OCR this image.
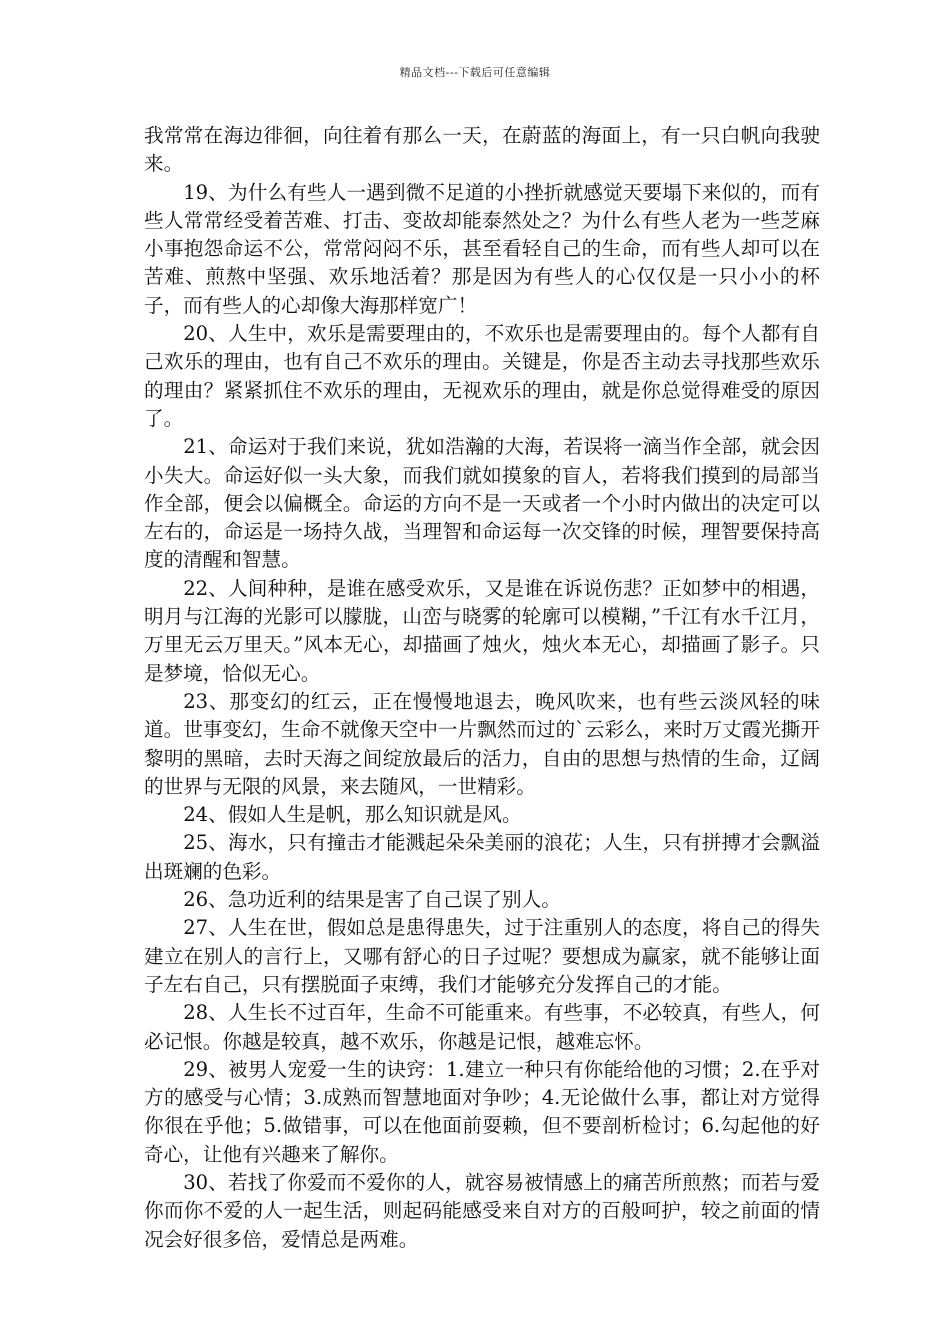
精品文档---下载后可任意编辑

我常常在海边徘徊，向往着有那么一天，在蔚蓝的海面上，有一只白帆向我驶来。

19、为什么有些人一遇到微不足道的小挫折就感觉天要塌下来似的，而有些人常常经受着苦难、打击、变故却能泰然处之？为什么有些人老为一些芝麻小事抱怨命运不公，常常闷闷不乐，甚至看轻自己的生命，而有些人却可以在苦难、煎熬中坚强、欢乐地活着？那是因为有些人的心仅仅是一只小小的杯子，而有些人的心却像大海那样宽广！

20、人生中，欢乐是需要理由的，不欢乐也是需要理由的。每个人都有自己欢乐的理由，也有自己不欢乐的理由。关键是，你是否主动去寻找那些欢乐的理由？紧紧抓住不欢乐的理由，无视欢乐的理由，就是你总觉得难受的原因了。

21、命运对于我们来说，犹如浩瀚的大海，若误将一滴当作全部，就会因小失大。命运好似一头大象，而我们就如摸象的盲人，若将我们摸到的局部当作全部，便会以偏概全。命运的方向不是一天或者一个小时内做出的决定可以左右的，命运是一场持久战，当理智和命运每一次交锋的时候，理智要保持高度的清醒和智慧。

22、人间种种，是谁在感受欢乐，又是谁在诉说伤悲？正如梦中的相遇，明月与江海的光影可以朦胧，山峦与晓雾的轮廓可以模糊，”千江有水千江月，万里无云万里天。”风本无心，却描画了烛火，烛火本无心，却描画了影子。只是梦境，恰似无心。

23、那变幻的红云，正在慢慢地退去，晚风吹来，也有些云淡风轻的味道。世事变幻，生命不就像天空中一片飘然而过的`云彩么，来时万丈霞光撕开黎明的黑暗，去时天海之间绽放最后的活力，自由的思想与热情的生命，辽阔的世界与无限的风景，来去随风，一世精彩。

24、假如人生是帆，那么知识就是风。

25、海水，只有撞击才能溅起朵朵美丽的浪花；人生，只有拼搏才会飘溢出斑斓的色彩。

26、急功近利的结果是害了自己误了别人。

27、人生在世，假如总是患得患失，过于注重别人的态度，将自己的得失建立在别人的言行上，又哪有舒心的日子过呢？要想成为赢家，就不能够让面子左右自己，只有摆脱面子束缚，我们才能够充分发挥自己的才能。

28、人生长不过百年，生命不可能重来。有些事，不必较真，有些人，何必记恨。你越是较真，越不欢乐，你越是记恨，越难忘怀。

29、被男人宠爱一生的诀窍：1.建立一种只有你能给他的习惯；2.在乎对方的感受与心情；3.成熟而智慧地面对争吵；4.无论做什么事，都让对方觉得你很在乎他；5.做错事，可以在他面前耍赖，但不要剖析检讨；6.勾起他的好奇心，让他有兴趣来了解你。

30、若找了你爱而不爱你的人，就容易被情感上的痛苦所煎熬；而若与爱你而你不爱的人一起生活，则起码能感受来自对方的百般呵护，较之前面的情况会好很多倍，爱情总是两难。
